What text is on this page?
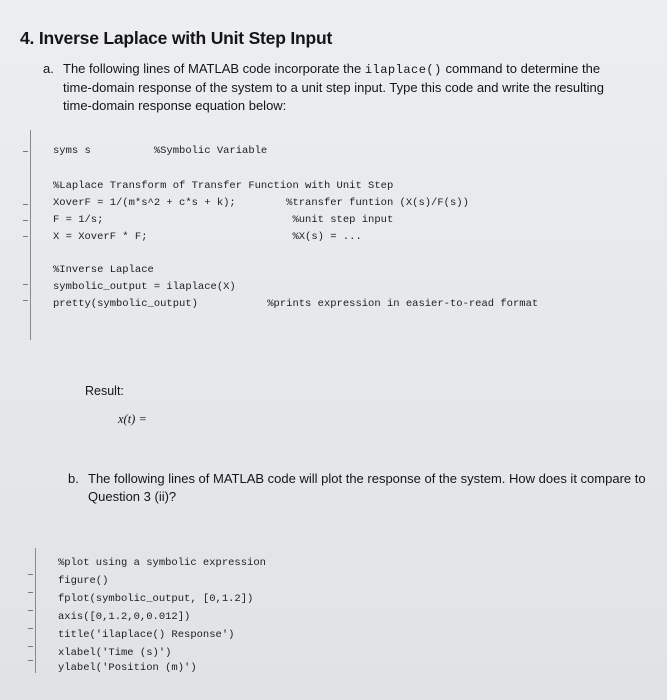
4. Inverse Laplace with Unit Step Input
a. The following lines of MATLAB code incorporate the ilaplace() command to determine the time-domain response of the system to a unit step input. Type this code and write the resulting time-domain response equation below:
syms s          %Symbolic Variable
%Laplace Transform of Transfer Function with Unit Step
XoverF = 1/(m*s^2 + c*s + k);        %transfer funtion (X(s)/F(s))
F = 1/s;                              %unit step input
X = XoverF * F;                       %X(s) = ...
%Inverse Laplace
symbolic_output = ilaplace(X)
pretty(symbolic_output)           %prints expression in easier-to-read format
Result:
x(t) =
b. The following lines of MATLAB code will plot the response of the system. How does it compare to Question 3 (ii)?
%plot using a symbolic expression
figure()
fplot(symbolic_output, [0,1.2])
axis([0,1.2,0,0.012])
title('ilaplace() Response')
xlabel('Time (s)')
ylabel('Position (m)')
